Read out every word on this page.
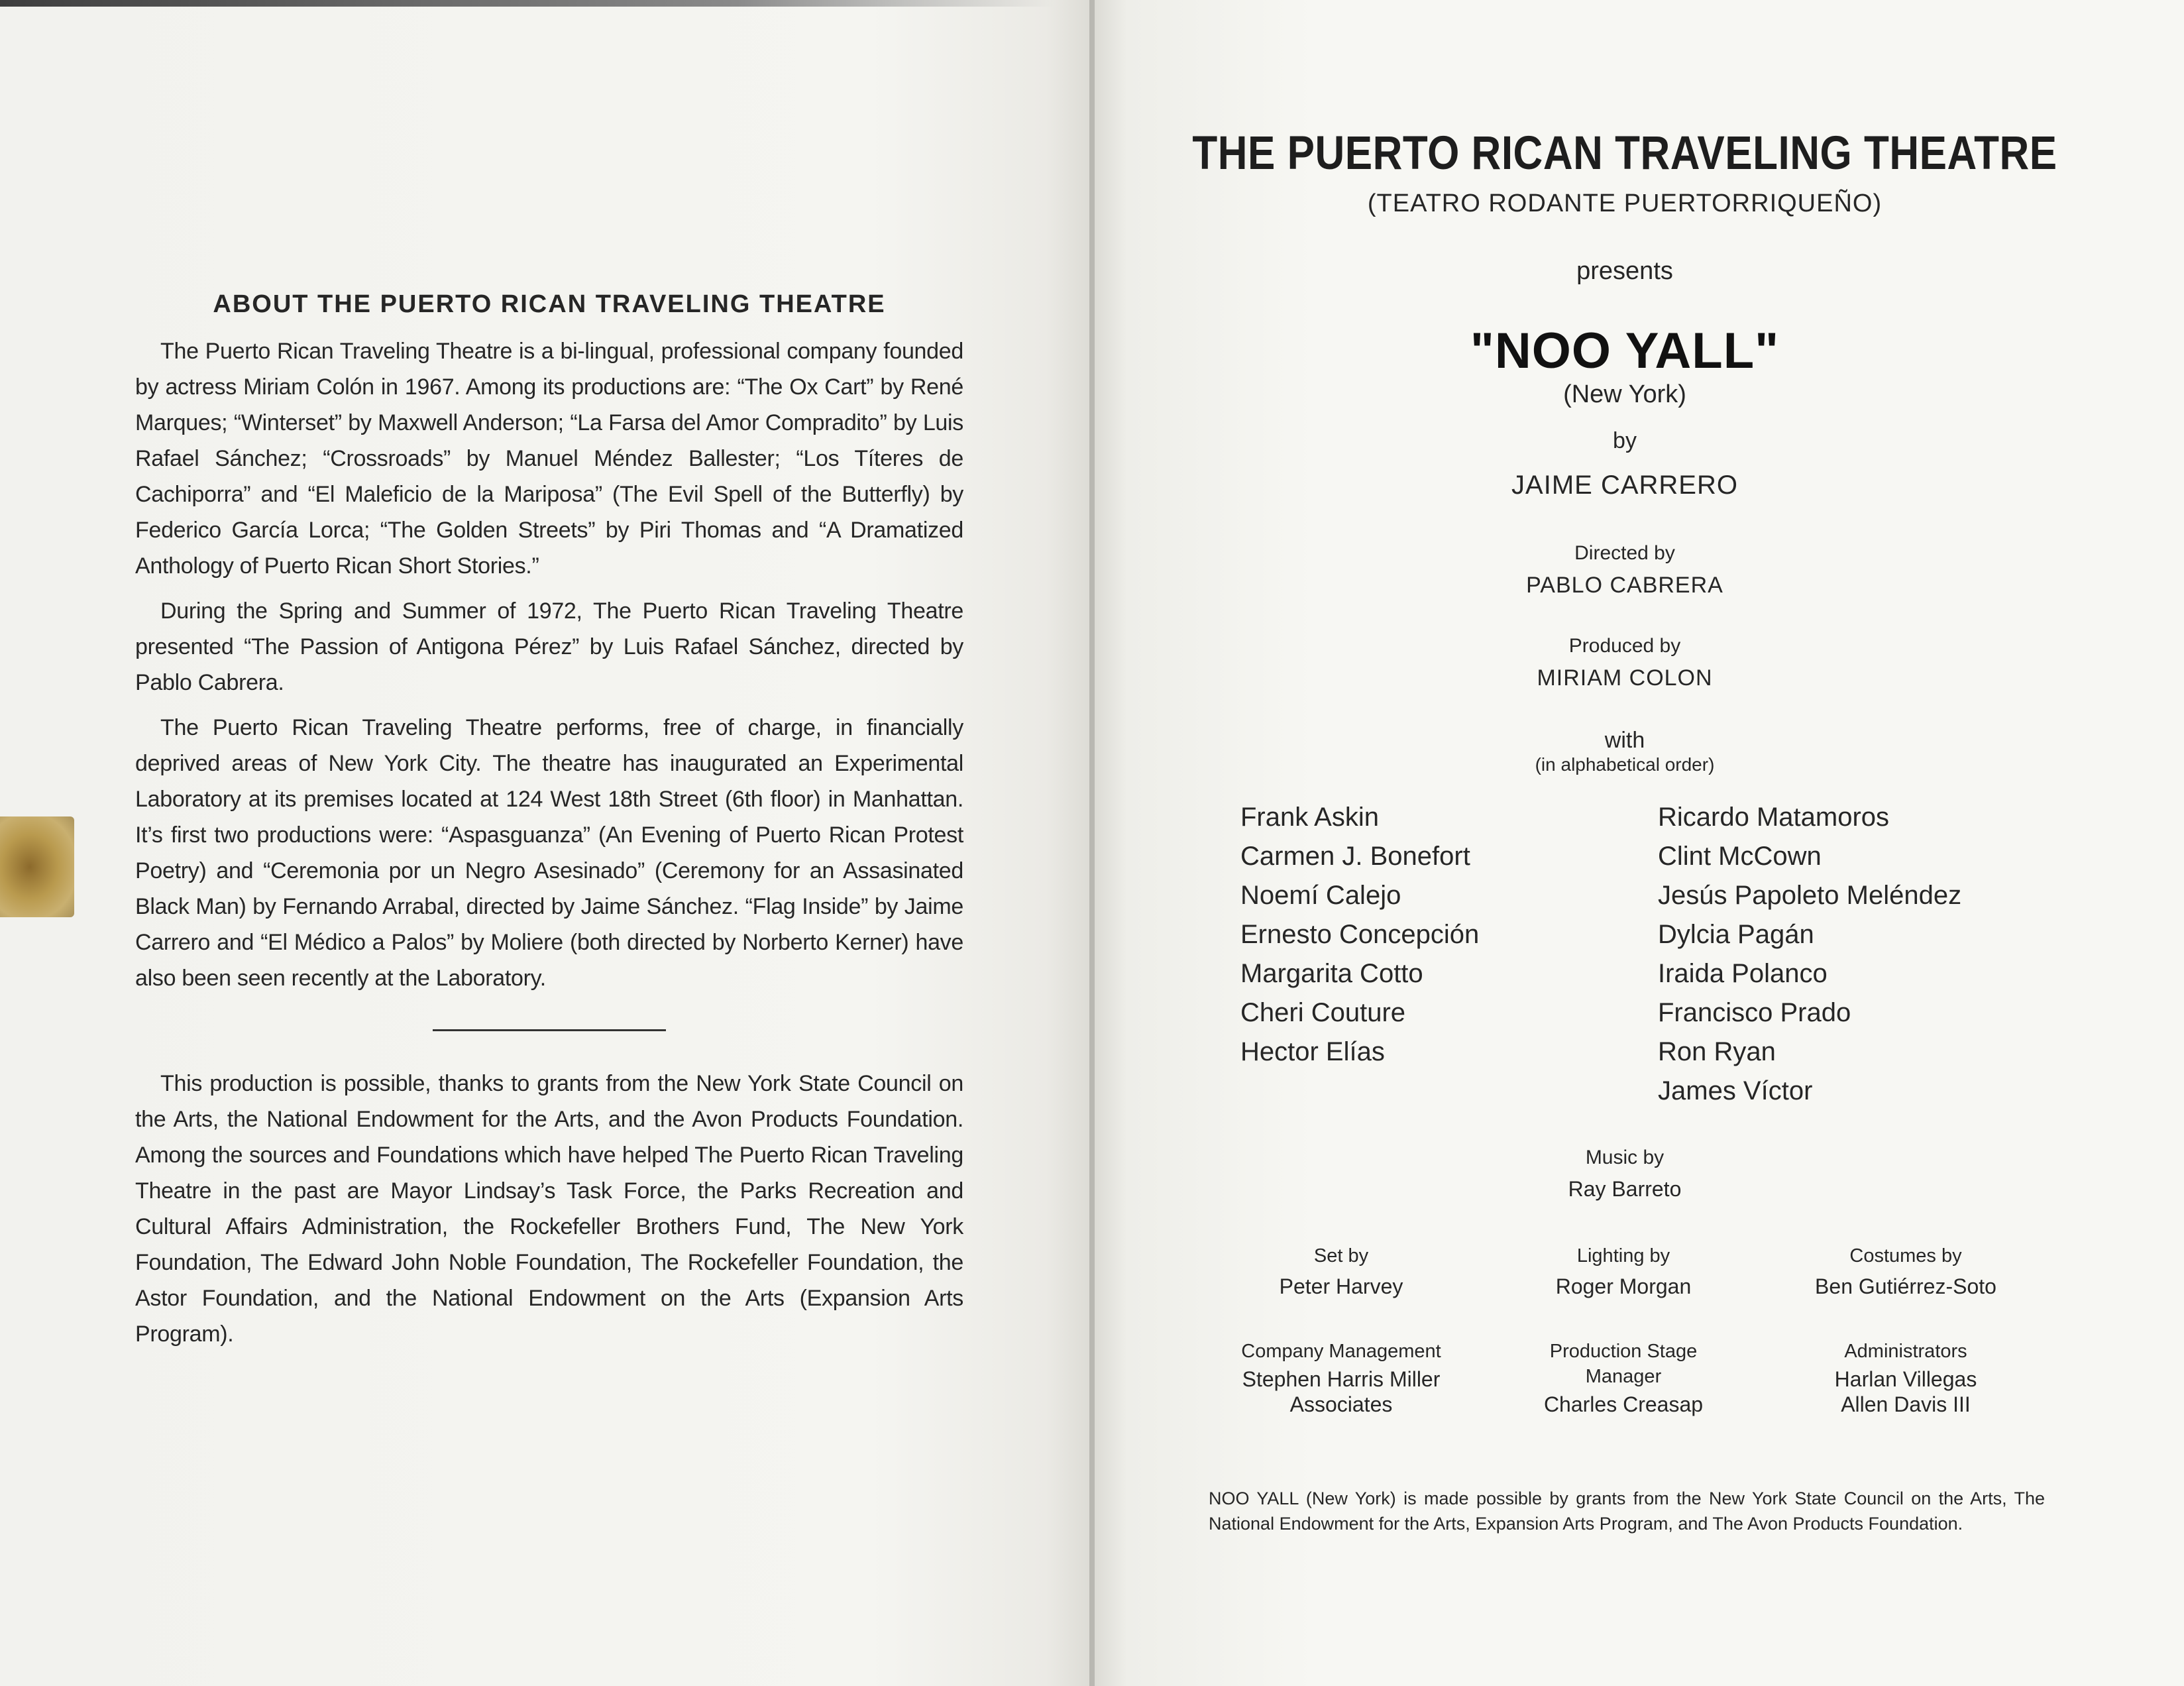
ABOUT THE PUERTO RICAN TRAVELING THEATRE

The Puerto Rican Traveling Theatre is a bi-lingual, professional company founded by actress Miriam Colón in 1967. Among its productions are: “The Ox Cart” by René Marques; “Winterset” by Maxwell Anderson; “La Farsa del Amor Compradito” by Luis Rafael Sánchez; “Crossroads” by Manuel Méndez Ballester; “Los Títeres de Cachiporra” and “El Maleficio de la Mariposa” (The Evil Spell of the Butterfly) by Federico García Lorca; “The Golden Streets” by Piri Thomas and “A Dramatized Anthology of Puerto Rican Short Stories.”

During the Spring and Summer of 1972, The Puerto Rican Traveling Theatre presented “The Passion of Antigona Pérez” by Luis Rafael Sánchez, directed by Pablo Cabrera.

The Puerto Rican Traveling Theatre performs, free of charge, in financially deprived areas of New York City. The theatre has inaugurated an Experimental Laboratory at its premises located at 124 West 18th Street (6th floor) in Manhattan. It’s first two productions were: “Aspasguanza” (An Evening of Puerto Rican Protest Poetry) and “Ceremonia por un Negro Asesinado” (Ceremony for an Assasinated Black Man) by Fernando Arrabal, directed by Jaime Sánchez. “Flag Inside” by Jaime Carrero and “El Médico a Palos” by Moliere (both directed by Norberto Kerner) have also been seen recently at the Laboratory.

This production is possible, thanks to grants from the New York State Council on the Arts, the National Endowment for the Arts, and the Avon Products Foundation. Among the sources and Foundations which have helped The Puerto Rican Traveling Theatre in the past are Mayor Lindsay’s Task Force, the Parks Recreation and Cultural Affairs Administration, the Rockefeller Brothers Fund, The New York Foundation, The Edward John Noble Foundation, The Rockefeller Foundation, the Astor Foundation, and the National Endowment on the Arts (Expansion Arts Program).

THE PUERTO RICAN TRAVELING THEATRE
(TEATRO RODANTE PUERTORRIQUEÑO)
presents
"NOO YALL"
(New York)
by
JAIME CARRERO
Directed by
PABLO CABRERA
Produced by
MIRIAM COLON
with
(in alphabetical order)
Frank Askin
Carmen J. Bonefort
Noemí Calejo
Ernesto Concepción
Margarita Cotto
Cheri Couture
Hector Elías
Ricardo Matamoros
Clint McCown
Jesús Papoleto Meléndez
Dylcia Pagán
Iraida Polanco
Francisco Prado
Ron Ryan
James Víctor
Music by
Ray Barreto
Set by
Peter Harvey
Lighting by
Roger Morgan
Costumes by
Ben Gutiérrez-Soto
Company Management
Stephen Harris Miller
Associates
Production Stage
Manager
Charles Creasap
Administrators
Harlan Villegas
Allen Davis III
NOO YALL (New York) is made possible by grants from the New York State Council on the Arts, The National Endowment for the Arts, Expansion Arts Program, and The Avon Products Foundation.
